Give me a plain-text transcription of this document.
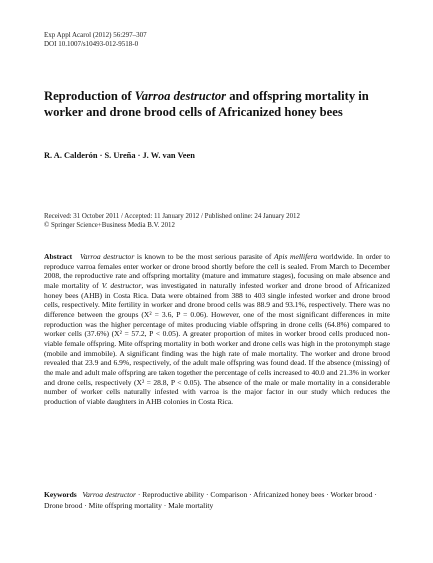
Exp Appl Acarol (2012) 56:297–307
DOI 10.1007/s10493-012-9518-0
Reproduction of Varroa destructor and offspring mortality in worker and drone brood cells of Africanized honey bees
R. A. Calderón · S. Ureña · J. W. van Veen
Received: 31 October 2011 / Accepted: 11 January 2012 / Published online: 24 January 2012
© Springer Science+Business Media B.V. 2012

Abstract Varroa destructor is known to be the most serious parasite of Apis mellifera worldwide. In order to reproduce varroa females enter worker or drone brood shortly before the cell is sealed. From March to December 2008, the reproductive rate and offspring mortality (mature and immature stages), focusing on male absence and male mortality of V. destructor, was investigated in naturally infested worker and drone brood of Africanized honey bees (AHB) in Costa Rica. Data were obtained from 388 to 403 single infested worker and drone brood cells, respectively. Mite fertility in worker and drone brood cells was 88.9 and 93.1%, respectively. There was no difference between the groups (X² = 3.6, P = 0.06). However, one of the most significant differences in mite reproduction was the higher percentage of mites producing viable offspring in drone cells (64.8%) compared to worker cells (37.6%) (X² = 57.2, P < 0.05). A greater proportion of mites in worker brood cells produced non-viable female offspring. Mite offspring mortality in both worker and drone cells was high in the protonymph stage (mobile and immobile). A significant finding was the high rate of male mortality. The worker and drone brood revealed that 23.9 and 6.9%, respectively, of the adult male offspring was found dead. If the absence (missing) of the male and adult male offspring are taken together the percentage of cells increased to 40.0 and 21.3% in worker and drone cells, respectively (X² = 28.8, P < 0.05). The absence of the male or male mortality in a considerable number of worker cells naturally infested with varroa is the major factor in our study which reduces the production of viable daughters in AHB colonies in Costa Rica.

Keywords Varroa destructor · Reproductive ability · Comparison · Africanized honey bees · Worker brood · Drone brood · Mite offspring mortality · Male mortality
